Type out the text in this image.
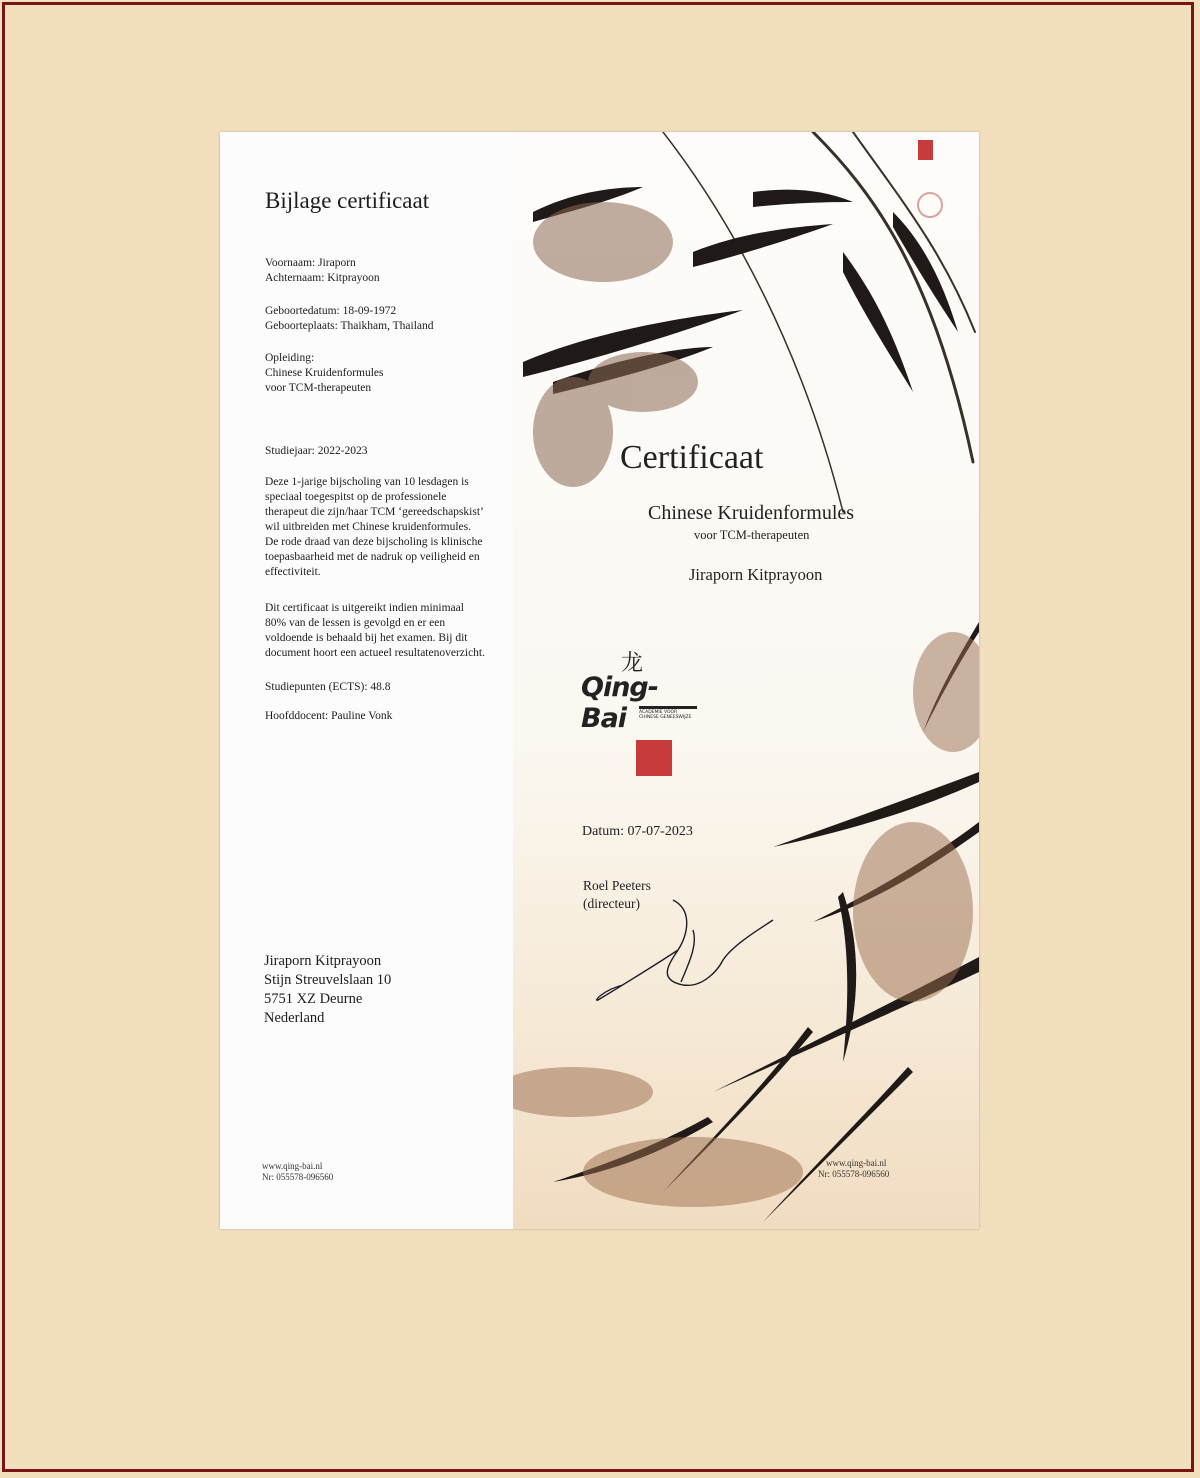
Bijlage certificaat
Voornaam: Jiraporn
Achternaam: Kitprayoon
Geboortedatum: 18-09-1972
Geboorteplaats: Thaikham, Thailand
Opleiding:
Chinese Kruidenformules
voor TCM-therapeuten
Studiejaar: 2022-2023
Deze 1-jarige bijscholing van 10 lesdagen is
speciaal toegespitst op de professionele
therapeut die zijn/haar TCM ‘gereedschapskist’
wil uitbreiden met Chinese kruidenformules.
De rode draad van deze bijscholing is klinische
toepasbaarheid met de nadruk op veiligheid en
effectiviteit.
Dit certificaat is uitgereikt indien minimaal
80% van de lessen is gevolgd en er een
voldoende is behaald bij het examen. Bij dit
document hoort een actueel resultatenoverzicht.
Studiepunten (ECTS): 48.8
Hoofddocent: Pauline Vonk
Jiraporn Kitprayoon
Stijn Streuvelslaan 10
5751 XZ Deurne
Nederland
www.qing-bai.nl
Nr: 055578-096560
Certificaat
Chinese Kruidenformules
voor TCM-therapeuten
Jiraporn Kitprayoon
龙
Qing-Bai	ACADEMIE VOOR
CHINESE GENEESWIJZE
Datum: 07-07-2023
Roel Peeters
(directeur)
www.qing-bai.nl
Nr: 055578-096560
